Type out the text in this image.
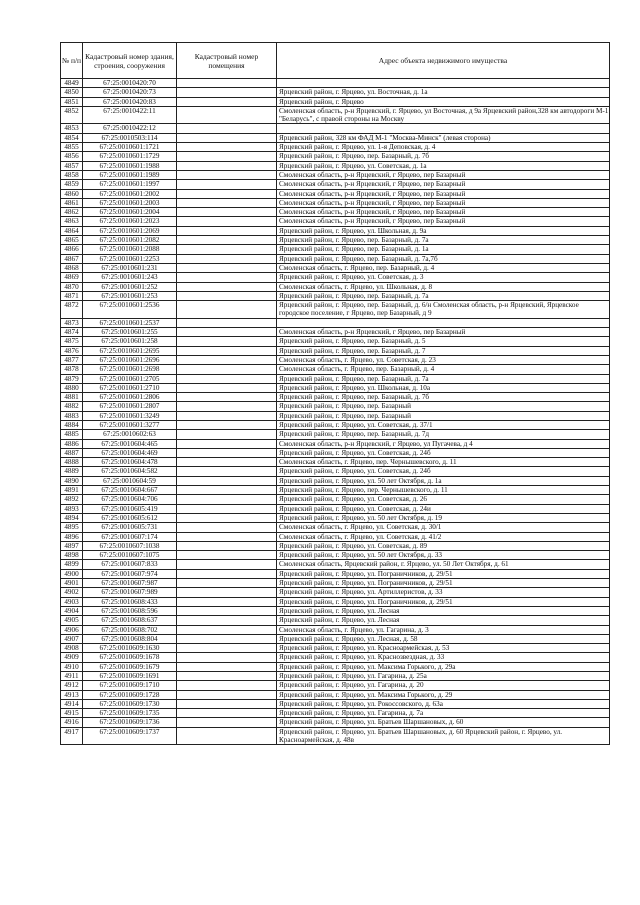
№ п/п	Кадастровый номер здания, строения, сооружения	Кадастровый номер помещения	Адрес объекта недвижимого имущества
4849	67:25:0010420:70		
4850	67:25:0010420:73		Ярцевский район, г. Ярцево, ул. Восточная, д. 1а
4851	67:25:0010420:83		Ярцевский район, г. Ярцево
4852	67:25:0010422:11		Смоленская область, р-н Ярцевский, г. Ярцево, ул Восточная, д 9а Ярцевский район,328 км автодороги М-1 "Беларусь", с правой стороны на Москву
4853	67:25:0010422:12		
4854	67:25:0010503:114		Ярцевский район, 328 км ФАД М-1 "Москва-Минск" (левая сторона)
4855	67:25:0010601:1721		Ярцевский район, г. Ярцево, ул. 1-я Деповская, д. 4
4856	67:25:0010601:1729		Ярцевский район, г. Ярцево, пер. Базарный, д. 7б
4857	67:25:0010601:1988		Ярцевский район, г. Ярцево, ул. Советская, д. 1а
4858	67:25:0010601:1989		Смоленская область, р-н Ярцевский, г Ярцево, пер Базарный
4859	67:25:0010601:1997		Смоленская область, р-н Ярцевский, г Ярцево, пер Базарный
4860	67:25:0010601:2002		Смоленская область, р-н Ярцевский, г Ярцево, пер Базарный
4861	67:25:0010601:2003		Смоленская область, р-н Ярцевский, г Ярцево, пер Базарный
4862	67:25:0010601:2004		Смоленская область, р-н Ярцевский, г Ярцево, пер Базарный
4863	67:25:0010601:2023		Смоленская область, р-н Ярцевский, г Ярцево, пер Базарный
4864	67:25:0010601:2069		Ярцевский район, г. Ярцево, ул. Школьная, д. 9а
4865	67:25:0010601:2082		Ярцевский район, г. Ярцево, пер. Базарный, д. 7а
4866	67:25:0010601:2088		Ярцевский район, г. Ярцево, пер. Базарный, д. 1а
4867	67:25:0010601:2253		Ярцевский район, г. Ярцево, пер. Базарный, д. 7а,7б
4868	67:25:0010601:231		Смоленская область, г. Ярцево, пер. Базарный, д. 4
4869	67:25:0010601:243		Ярцевский район, г. Ярцево, ул. Советская, д. 3
4870	67:25:0010601:252		Смоленская область, г. Ярцево, ул. Школьная, д. 8
4871	67:25:0010601:253		Ярцевский район, г. Ярцево, пер. Базарный, д. 7а
4872	67:25:0010601:2536		Ярцевский район, г. Ярцево, пер. Базарный, д. 6/н Смоленская область, р-н Ярцевский, Ярцевское городское поселение, г Ярцево, пер Базарный, д 9
4873	67:25:0010601:2537		
4874	67:25:0010601:255		Смоленская область, р-н Ярцевский, г Ярцево, пер Базарный
4875	67:25:0010601:258		Ярцевский район, г. Ярцево, пер. Базарный, д. 5
4876	67:25:0010601:2695		Ярцевский район, г. Ярцево, пер. Базарный, д. 7
4877	67:25:0010601:2696		Смоленская область, г. Ярцево, ул. Советская, д. 23
4878	67:25:0010601:2698		Смоленская область, г. Ярцево, пер. Базарный, д. 4
4879	67:25:0010601:2705		Ярцевский район, г. Ярцево, пер. Базарный, д. 7а
4880	67:25:0010601:2710		Ярцевский район, г. Ярцево, ул. Школьная, д. 10а
4881	67:25:0010601:2806		Ярцевский район, г. Ярцево, пер. Базарный, д. 7б
4882	67:25:0010601:2807		Ярцевский район, г. Ярцево, пер. Базарный
4883	67:25:0010601:3249		Ярцевский район, г. Ярцево, пер. Базарный
4884	67:25:0010601:3277		Ярцевский район, г. Ярцево, ул. Советская, д. 37/1
4885	67:25:0010602:63		Ярцевский район, г. Ярцево, пер. Базарный, д. 7д
4886	67:25:0010604:465		Смоленская область, р-н Ярцевский, г Ярцево, ул Пугачева, д 4
4887	67:25:0010604:469		Ярцевский район, г. Ярцево, ул. Советская, д. 24б
4888	67:25:0010604:478		Смоленская область, г. Ярцево, пер. Чернышевского, д. 11
4889	67:25:0010604:582		Ярцевский район, г. Ярцево, ул. Советская, д. 24б
4890	67:25:0010604:59		Ярцевский район, г. Ярцево, ул. 50 лет Октября, д. 1а
4891	67:25:0010604:667		Ярцевский район, г. Ярцево, пер. Чернышевского, д. 11
4892	67:25:0010604:706		Ярцевский район, г. Ярцево, ул. Советская, д. 26
4893	67:25:0010605:419		Ярцевский район, г. Ярцево, ул. Советская, д. 24и
4894	67:25:0010605:612		Ярцевский район, г. Ярцево, ул. 50 лет Октября, д. 19
4895	67:25:0010605:731		Смоленская область, г. Ярцево, ул. Советская, д. 30/1
4896	67:25:0010607:174		Смоленская область, г. Ярцево, ул. Советская, д. 41/2
4897	67:25:0010607:1038		Ярцевский район, г. Ярцево, ул. Советская, д. 89
4898	67:25:0010607:1075		Ярцевский район, г. Ярцево, ул. 50 лет Октября, д. 33
4899	67:25:0010607:833		Смоленская область, Ярцевский район, г. Ярцево, ул. 50 Лет Октября, д. 61
4900	67:25:0010607:974		Ярцевский район, г. Ярцево, ул. Пограничников, д. 29/51
4901	67:25:0010607:987		Ярцевский район, г. Ярцево, ул. Пограничников, д. 29/51
4902	67:25:0010607:989		Ярцевский район, г. Ярцево, ул. Артиллеристов, д. 33
4903	67:25:0010608:433		Ярцевский район, г. Ярцево, ул. Пограничников, д. 29/51
4904	67:25:0010608:596		Ярцевский район, г. Ярцево, ул. Лесная
4905	67:25:0010608:637		Ярцевский район, г. Ярцево, ул. Лесная
4906	67:25:0010608:702		Смоленская область, г. Ярцево, ул. Гагарина, д. 3
4907	67:25:0010608:804		Ярцевский район, г. Ярцево, ул. Лесная, д. 58
4908	67:25:0010609:1630		Ярцевский район, г. Ярцево, ул. Красноармейская, д. 53
4909	67:25:0010609:1678		Ярцевский район, г. Ярцево, ул. Краснозвездная, д. 33
4910	67:25:0010609:1679		Ярцевский район, г. Ярцево, ул. Максима Горького, д. 29а
4911	67:25:0010609:1691		Ярцевский район, г. Ярцево, ул. Гагарина, д. 25а
4912	67:25:0010609:1710		Ярцевский район, г. Ярцево, ул. Гагарина, д. 20
4913	67:25:0010609:1728		Ярцевский район, г. Ярцево, ул. Максима Горького, д. 29
4914	67:25:0010609:1730		Ярцевский район, г. Ярцево, ул. Рокоссовского, д. 63а
4915	67:25:0010609:1735		Ярцевский район, г. Ярцево, ул. Гагарина, д. 7а
4916	67:25:0010609:1736		Ярцевский район, г. Ярцево, ул. Братьев Шаршановых, д. 60
4917	67:25:0010609:1737		Ярцевский район, г. Ярцево, ул. Братьев Шаршановых, д. 60 Ярцевский район, г. Ярцево, ул. Красноармейская, д. 48в
